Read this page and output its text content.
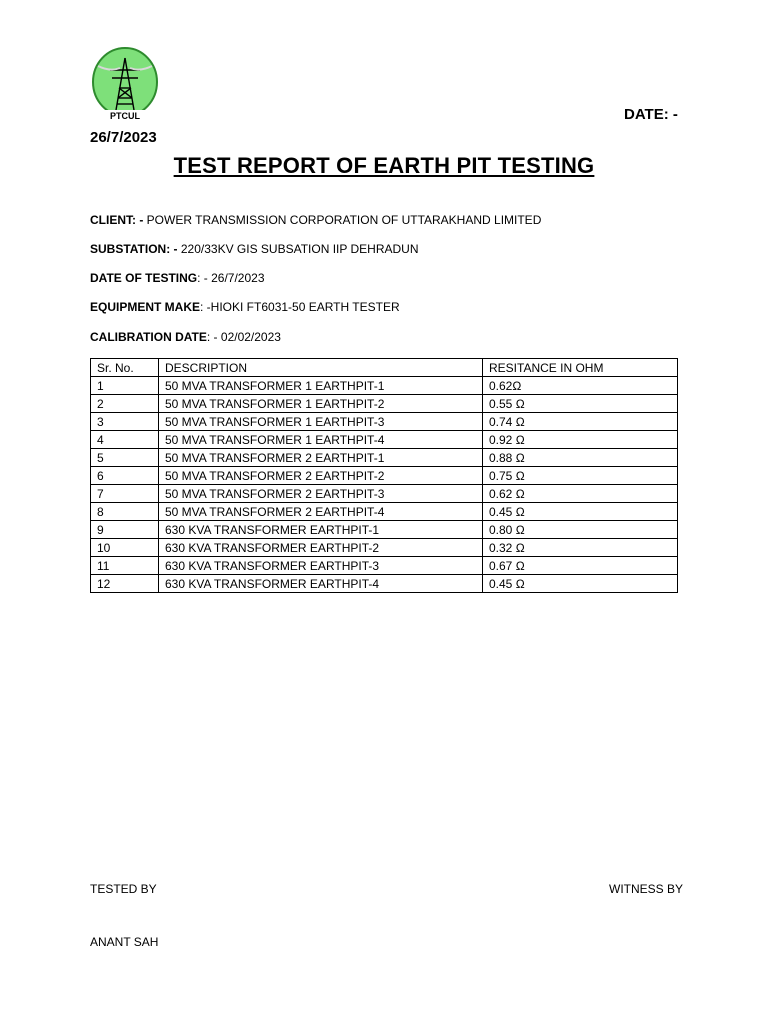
PTCUL	DATE: -
26/7/2023
TEST REPORT OF EARTH PIT TESTING
CLIENT: - POWER TRANSMISSION CORPORATION OF UTTARAKHAND LIMITED
SUBSTATION: - 220/33KV GIS SUBSATION IIP DEHRADUN
DATE OF TESTING: - 26/7/2023
EQUIPMENT MAKE: -HIOKI FT6031-50 EARTH TESTER
CALIBRATION DATE: - 02/02/2023
Sr. No.	DESCRIPTION	RESITANCE IN OHM
1	50 MVA TRANSFORMER 1 EARTHPIT-1	0.62Ω
2	50 MVA TRANSFORMER 1 EARTHPIT-2	0.55 Ω
3	50 MVA TRANSFORMER 1 EARTHPIT-3	0.74 Ω
4	50 MVA TRANSFORMER 1 EARTHPIT-4	0.92 Ω
5	50 MVA TRANSFORMER 2 EARTHPIT-1	0.88 Ω
6	50 MVA TRANSFORMER 2 EARTHPIT-2	0.75 Ω
7	50 MVA TRANSFORMER 2 EARTHPIT-3	0.62 Ω
8	50 MVA TRANSFORMER 2 EARTHPIT-4	0.45 Ω
9	630 KVA TRANSFORMER EARTHPIT-1	0.80 Ω
10	630 KVA TRANSFORMER EARTHPIT-2	0.32 Ω
11	630 KVA TRANSFORMER EARTHPIT-3	0.67 Ω
12	630 KVA TRANSFORMER EARTHPIT-4	0.45 Ω
TESTED BY	WITNESS BY
ANANT SAH
